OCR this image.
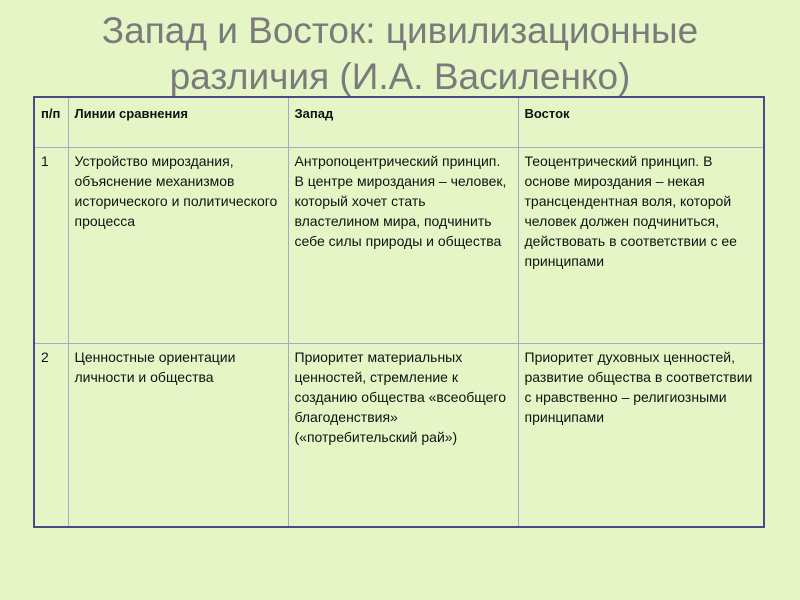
Запад и Восток: цивилизационные
различия (И.А. Василенко)
п/п	Линии сравнения	Запад	Восток
1	Устройство мироздания, объяснение механизмов исторического и политического процесса	Антропоцентрический принцип. В центре мироздания – человек, который хочет стать властелином мира, подчинить себе силы природы и общества	Теоцентрический принцип. В основе мироздания – некая трансцендентная воля, которой человек должен подчиниться, действовать в соответствии с ее принципами
2	Ценностные ориентации личности и общества	Приоритет материальных ценностей, стремление к созданию общества «всеобщего благоденствия» («потребительский рай»)	Приоритет духовных ценностей, развитие общества в соответствии с нравственно – религиозными принципами
